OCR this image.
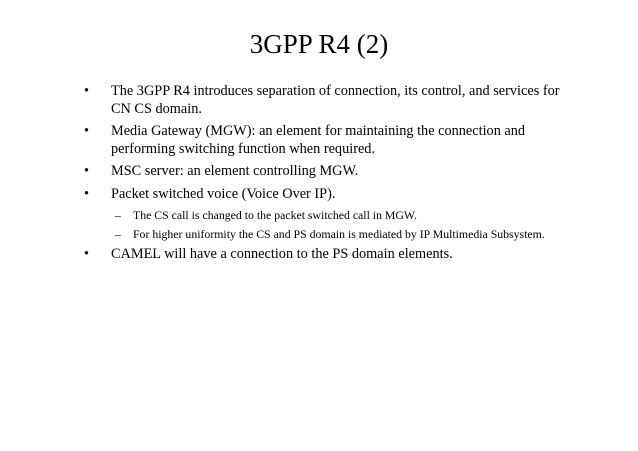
3GPP R4 (2)
• The 3GPP R4 introduces separation of connection, its control, and services for CN CS domain.
• Media Gateway (MGW): an element for maintaining the connection and performing switching function when required.
• MSC server: an element controlling MGW.
• Packet switched voice (Voice Over IP).
– The CS call is changed to the packet switched call in MGW.
– For higher uniformity the CS and PS domain is mediated by IP Multimedia Subsystem.
• CAMEL will have a connection to the PS domain elements.
